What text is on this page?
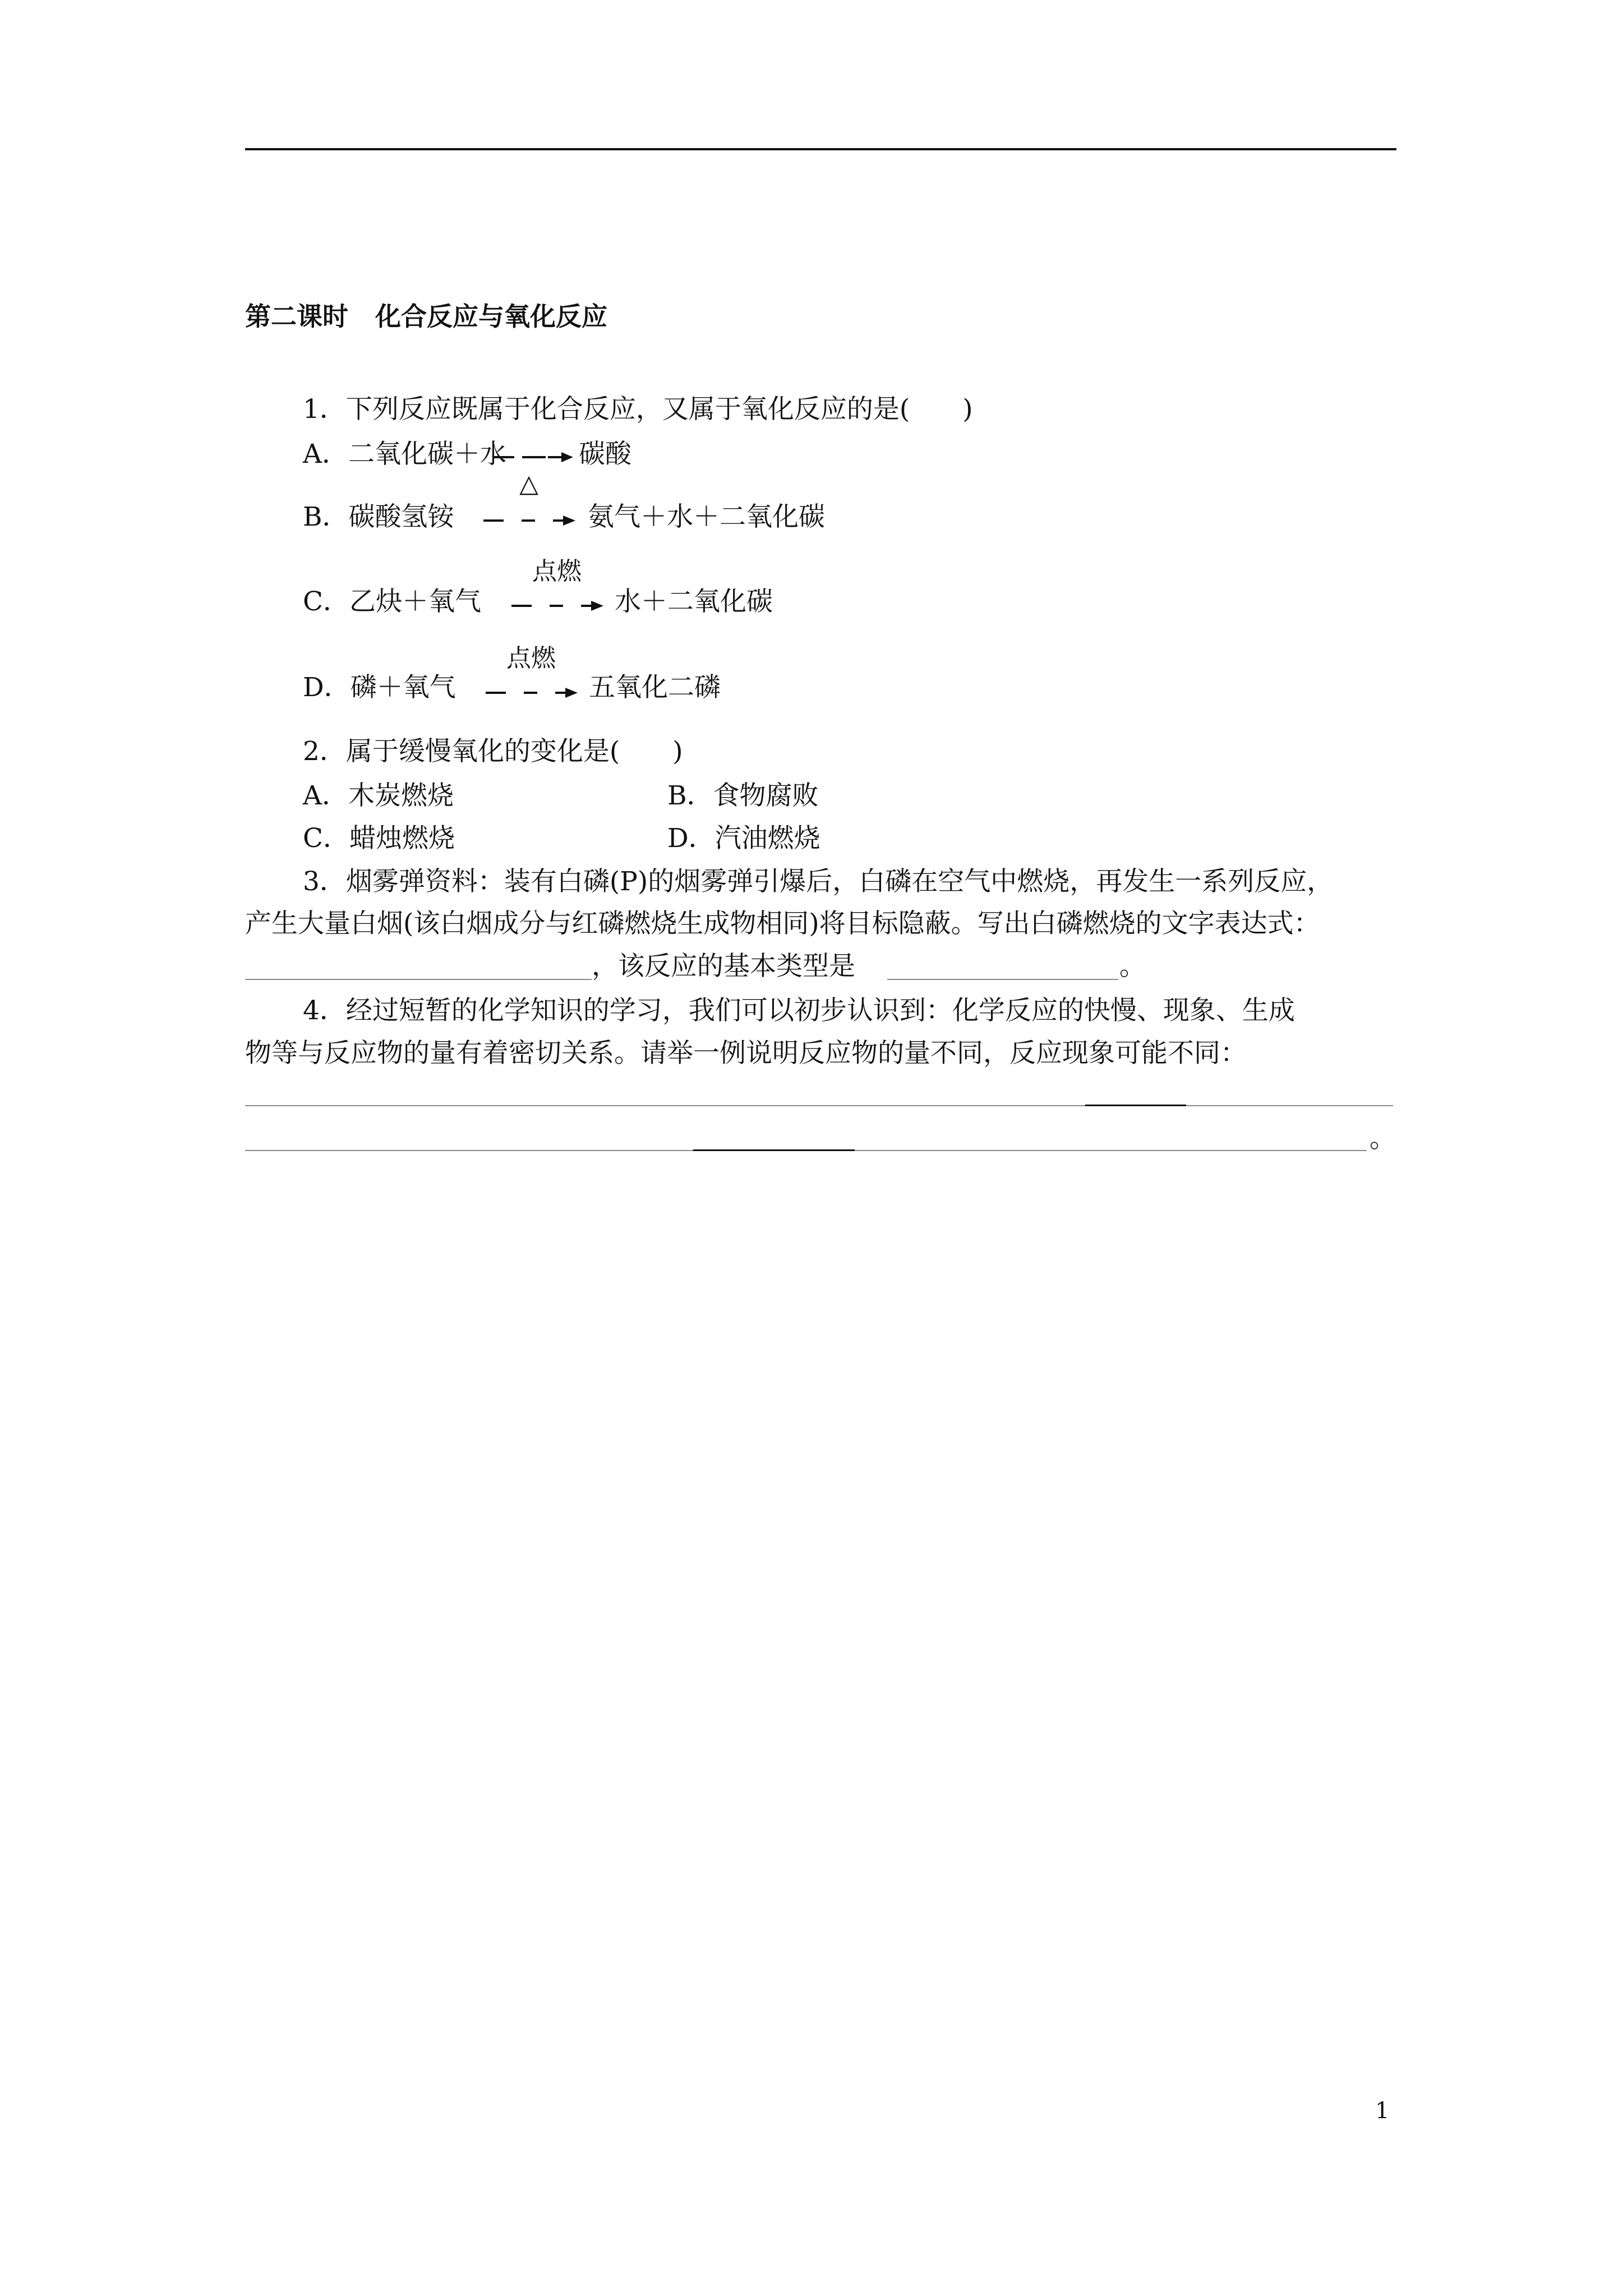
第二课时 化合反应与氧化反应
1．下列反应既属于化合反应，又属于氧化反应的是(　　)
A．二氧化碳＋水	碳酸
B．碳酸氢铵
△
氨气＋水＋二氧化碳
C．乙炔＋氧气
点燃
水＋二氧化碳
D．磷＋氧气
点燃
五氧化二磷
2．属于缓慢氧化的变化是(　　)
A．木炭燃烧	B．食物腐败
C．蜡烛燃烧	D．汽油燃烧
3．烟雾弹资料：装有白磷(P)的烟雾弹引爆后，白磷在空气中燃烧，再发生一系列反应，
产生大量白烟(该白烟成分与红磷燃烧生成物相同)将目标隐蔽。写出白磷燃烧的文字表达式：
，该反应的基本类型是	。
4．经过短暂的化学知识的学习，我们可以初步认识到：化学反应的快慢、现象、生成
物等与反应物的量有着密切关系。请举一例说明反应物的量不同，反应现象可能不同：
。
1
